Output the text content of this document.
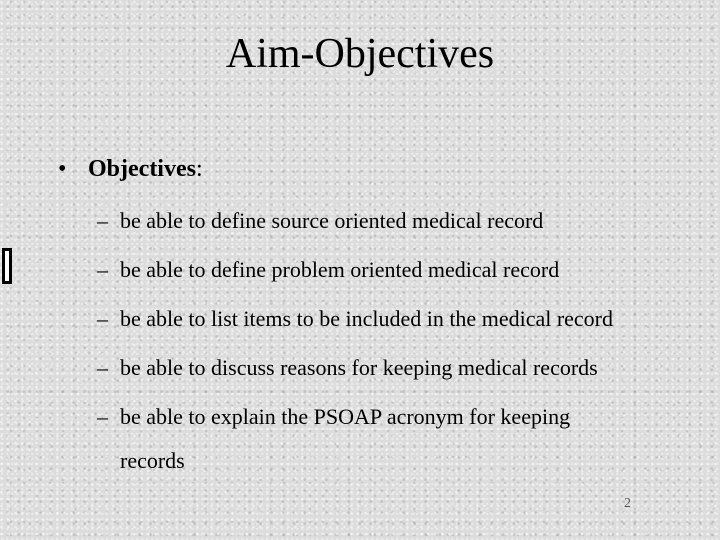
Aim-Objectives
• Objectives:
– be able to define source oriented medical record
– be able to define problem oriented medical record
– be able to list items to be included in the medical record
– be able to discuss reasons for keeping medical records
– be able to explain the PSOAP acronym for keeping records
2
